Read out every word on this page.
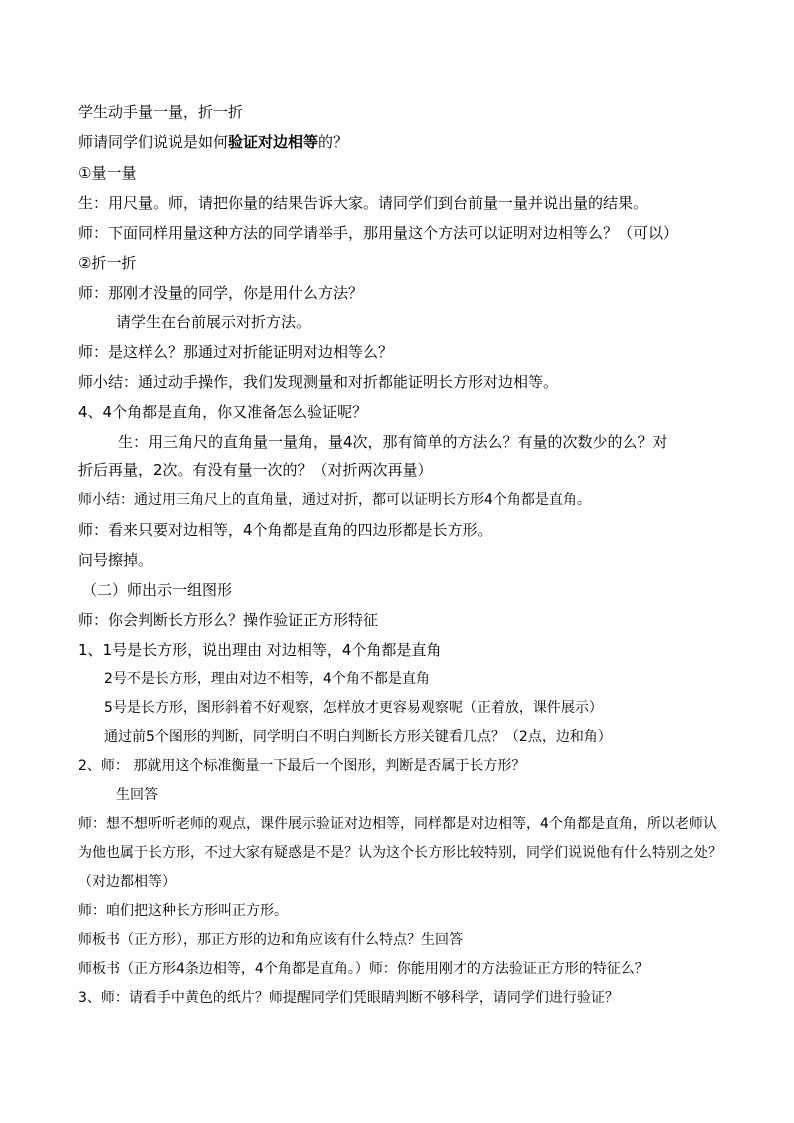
学生动手量一量，折一折
师请同学们说说是如何验证对边相等的？
①量一量
生：用尺量。师，请把你量的结果告诉大家。请同学们到台前量一量并说出量的结果。
师：下面同样用量这种方法的同学请举手，那用量这个方法可以证明对边相等么？（可以）
②折一折
师：那刚才没量的同学，你是用什么方法？
请学生在台前展示对折方法。
师：是这样么？那通过对折能证明对边相等么？
师小结：通过动手操作，我们发现测量和对折都能证明长方形对边相等。
4、4个角都是直角，你又准备怎么验证呢？
生：用三角尺的直角量一量角，量4次，那有简单的方法么？有量的次数少的么？对
折后再量，2次。有没有量一次的？（对折两次再量）
师小结：通过用三角尺上的直角量，通过对折，都可以证明长方形4个角都是直角。
师：看来只要对边相等，4个角都是直角的四边形都是长方形。
问号擦掉。
（二）师出示一组图形
师：你会判断长方形么？操作验证正方形特征
1、1号是长方形，说出理由 对边相等，4个角都是直角
2号不是长方形，理由对边不相等，4个角不都是直角
5号是长方形，图形斜着不好观察，怎样放才更容易观察呢（正着放，课件展示）
通过前5个图形的判断，同学明白不明白判断长方形关键看几点？（2点，边和角）
2、师： 那就用这个标准衡量一下最后一个图形，判断是否属于长方形？
生回答
师：想不想听听老师的观点，课件展示验证对边相等，同样都是对边相等，4个角都是直角，所以老师认
为他也属于长方形，不过大家有疑惑是不是？认为这个长方形比较特别，同学们说说他有什么特别之处？
（对边都相等）
师：咱们把这种长方形叫正方形。
师板书（正方形），那正方形的边和角应该有什么特点？生回答
师板书（正方形4条边相等，4个角都是直角。）师：你能用刚才的方法验证正方形的特征么？
3、师：请看手中黄色的纸片？师提醒同学们凭眼睛判断不够科学，请同学们进行验证？
